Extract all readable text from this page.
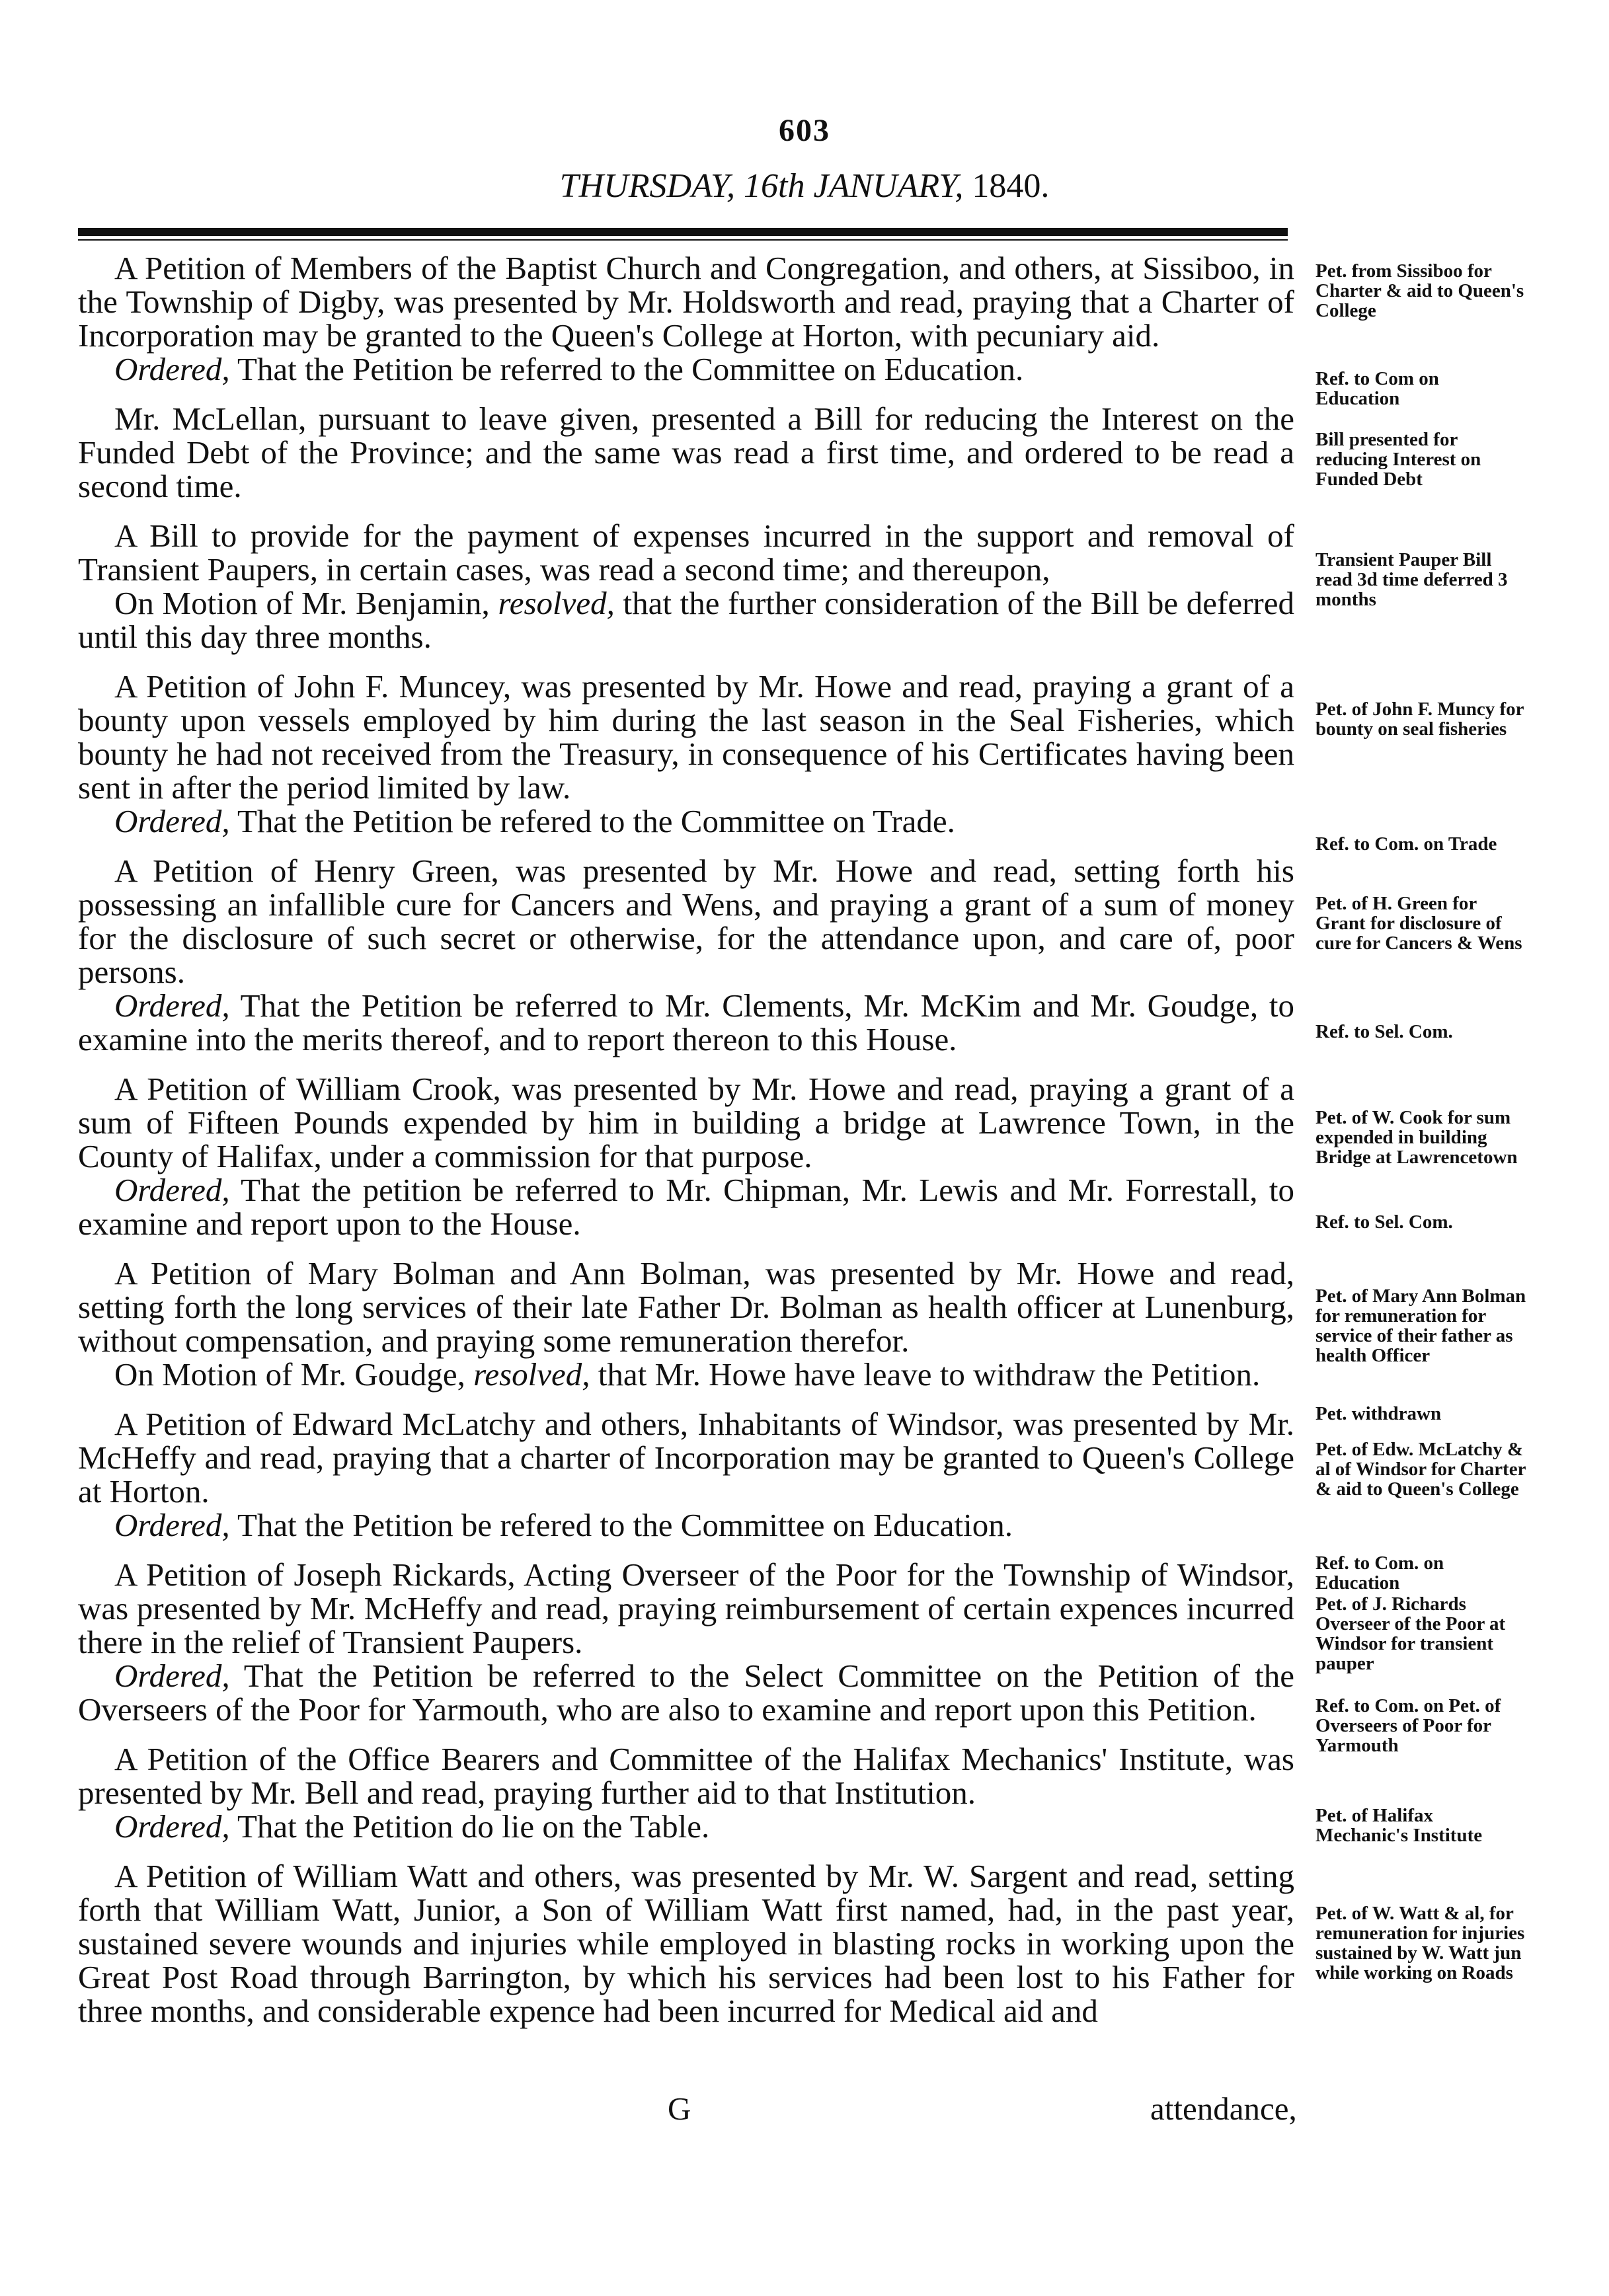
603
THURSDAY, 16th JANUARY, 1840.

A Petition of Members of the Baptist Church and Congregation, and others, at Sissiboo, in the Township of Digby, was presented by Mr. Holdsworth and read, praying that a Charter of Incorporation may be granted to the Queen's College at Horton, with pecuniary aid.

Ordered, That the Petition be referred to the Committee on Education.

Mr. McLellan, pursuant to leave given, presented a Bill for reducing the Interest on the Funded Debt of the Province; and the same was read a first time, and ordered to be read a second time.

A Bill to provide for the payment of expenses incurred in the support and removal of Transient Paupers, in certain cases, was read a second time; and thereupon,

On Motion of Mr. Benjamin, resolved, that the further consideration of the Bill be deferred until this day three months.

A Petition of John F. Muncey, was presented by Mr. Howe and read, praying a grant of a bounty upon vessels employed by him during the last season in the Seal Fisheries, which bounty he had not received from the Treasury, in consequence of his Certificates having been sent in after the period limited by law.

Ordered, That the Petition be refered to the Committee on Trade.

A Petition of Henry Green, was presented by Mr. Howe and read, setting forth his possessing an infallible cure for Cancers and Wens, and praying a grant of a sum of money for the disclosure of such secret or otherwise, for the attendance upon, and care of, poor persons.

Ordered, That the Petition be referred to Mr. Clements, Mr. McKim and Mr. Goudge, to examine into the merits thereof, and to report thereon to this House.

A Petition of William Crook, was presented by Mr. Howe and read, praying a grant of a sum of Fifteen Pounds expended by him in building a bridge at Lawrence Town, in the County of Halifax, under a commission for that purpose.

Ordered, That the petition be referred to Mr. Chipman, Mr. Lewis and Mr. Forrestall, to examine and report upon to the House.

A Petition of Mary Bolman and Ann Bolman, was presented by Mr. Howe and read, setting forth the long services of their late Father Dr. Bolman as health officer at Lunenburg, without compensation, and praying some remuneration therefor.

On Motion of Mr. Goudge, resolved, that Mr. Howe have leave to withdraw the Petition.

A Petition of Edward McLatchy and others, Inhabitants of Windsor, was presented by Mr. McHeffy and read, praying that a charter of Incorporation may be granted to Queen's College at Horton.

Ordered, That the Petition be refered to the Committee on Education.

A Petition of Joseph Rickards, Acting Overseer of the Poor for the Township of Windsor, was presented by Mr. McHeffy and read, praying reimbursement of certain expences incurred there in the relief of Transient Paupers.

Ordered, That the Petition be referred to the Select Committee on the Petition of the Overseers of the Poor for Yarmouth, who are also to examine and report upon this Petition.

A Petition of the Office Bearers and Committee of the Halifax Mechanics' Institute, was presented by Mr. Bell and read, praying further aid to that Institution.

Ordered, That the Petition do lie on the Table.

A Petition of William Watt and others, was presented by Mr. W. Sargent and read, setting forth that William Watt, Junior, a Son of William Watt first named, had, in the past year, sustained severe wounds and injuries while employed in blasting rocks in working upon the Great Post Road through Barrington, by which his services had been lost to his Father for three months, and considerable expence had been incurred for Medical aid and

Pet. from Sissiboo for Charter & aid to Queen's College
Ref. to Com on Education
Bill presented for reducing Interest on Funded Debt
Transient Pauper Bill read 3d time deferred 3 months
Pet. of John F. Muncy for bounty on seal fisheries
Ref. to Com. on Trade
Pet. of H. Green for Grant for disclosure of cure for Cancers & Wens
Ref. to Sel. Com.
Pet. of W. Cook for sum expended in building Bridge at Lawrencetown
Ref. to Sel. Com.
Pet. of Mary Ann Bolman for remuneration for service of their father as health Officer
Pet. withdrawn
Pet. of Edw. McLatchy & al of Windsor for Charter & aid to Queen's College
Ref. to Com. on Education
Pet. of J. Richards Overseer of the Poor at Windsor for transient pauper
Ref. to Com. on Pet. of Overseers of Poor for Yarmouth
Pet. of Halifax Mechanic's Institute
Pet. of W. Watt & al, for remuneration for injuries sustained by W. Watt jun while working on Roads
G	attendance,
